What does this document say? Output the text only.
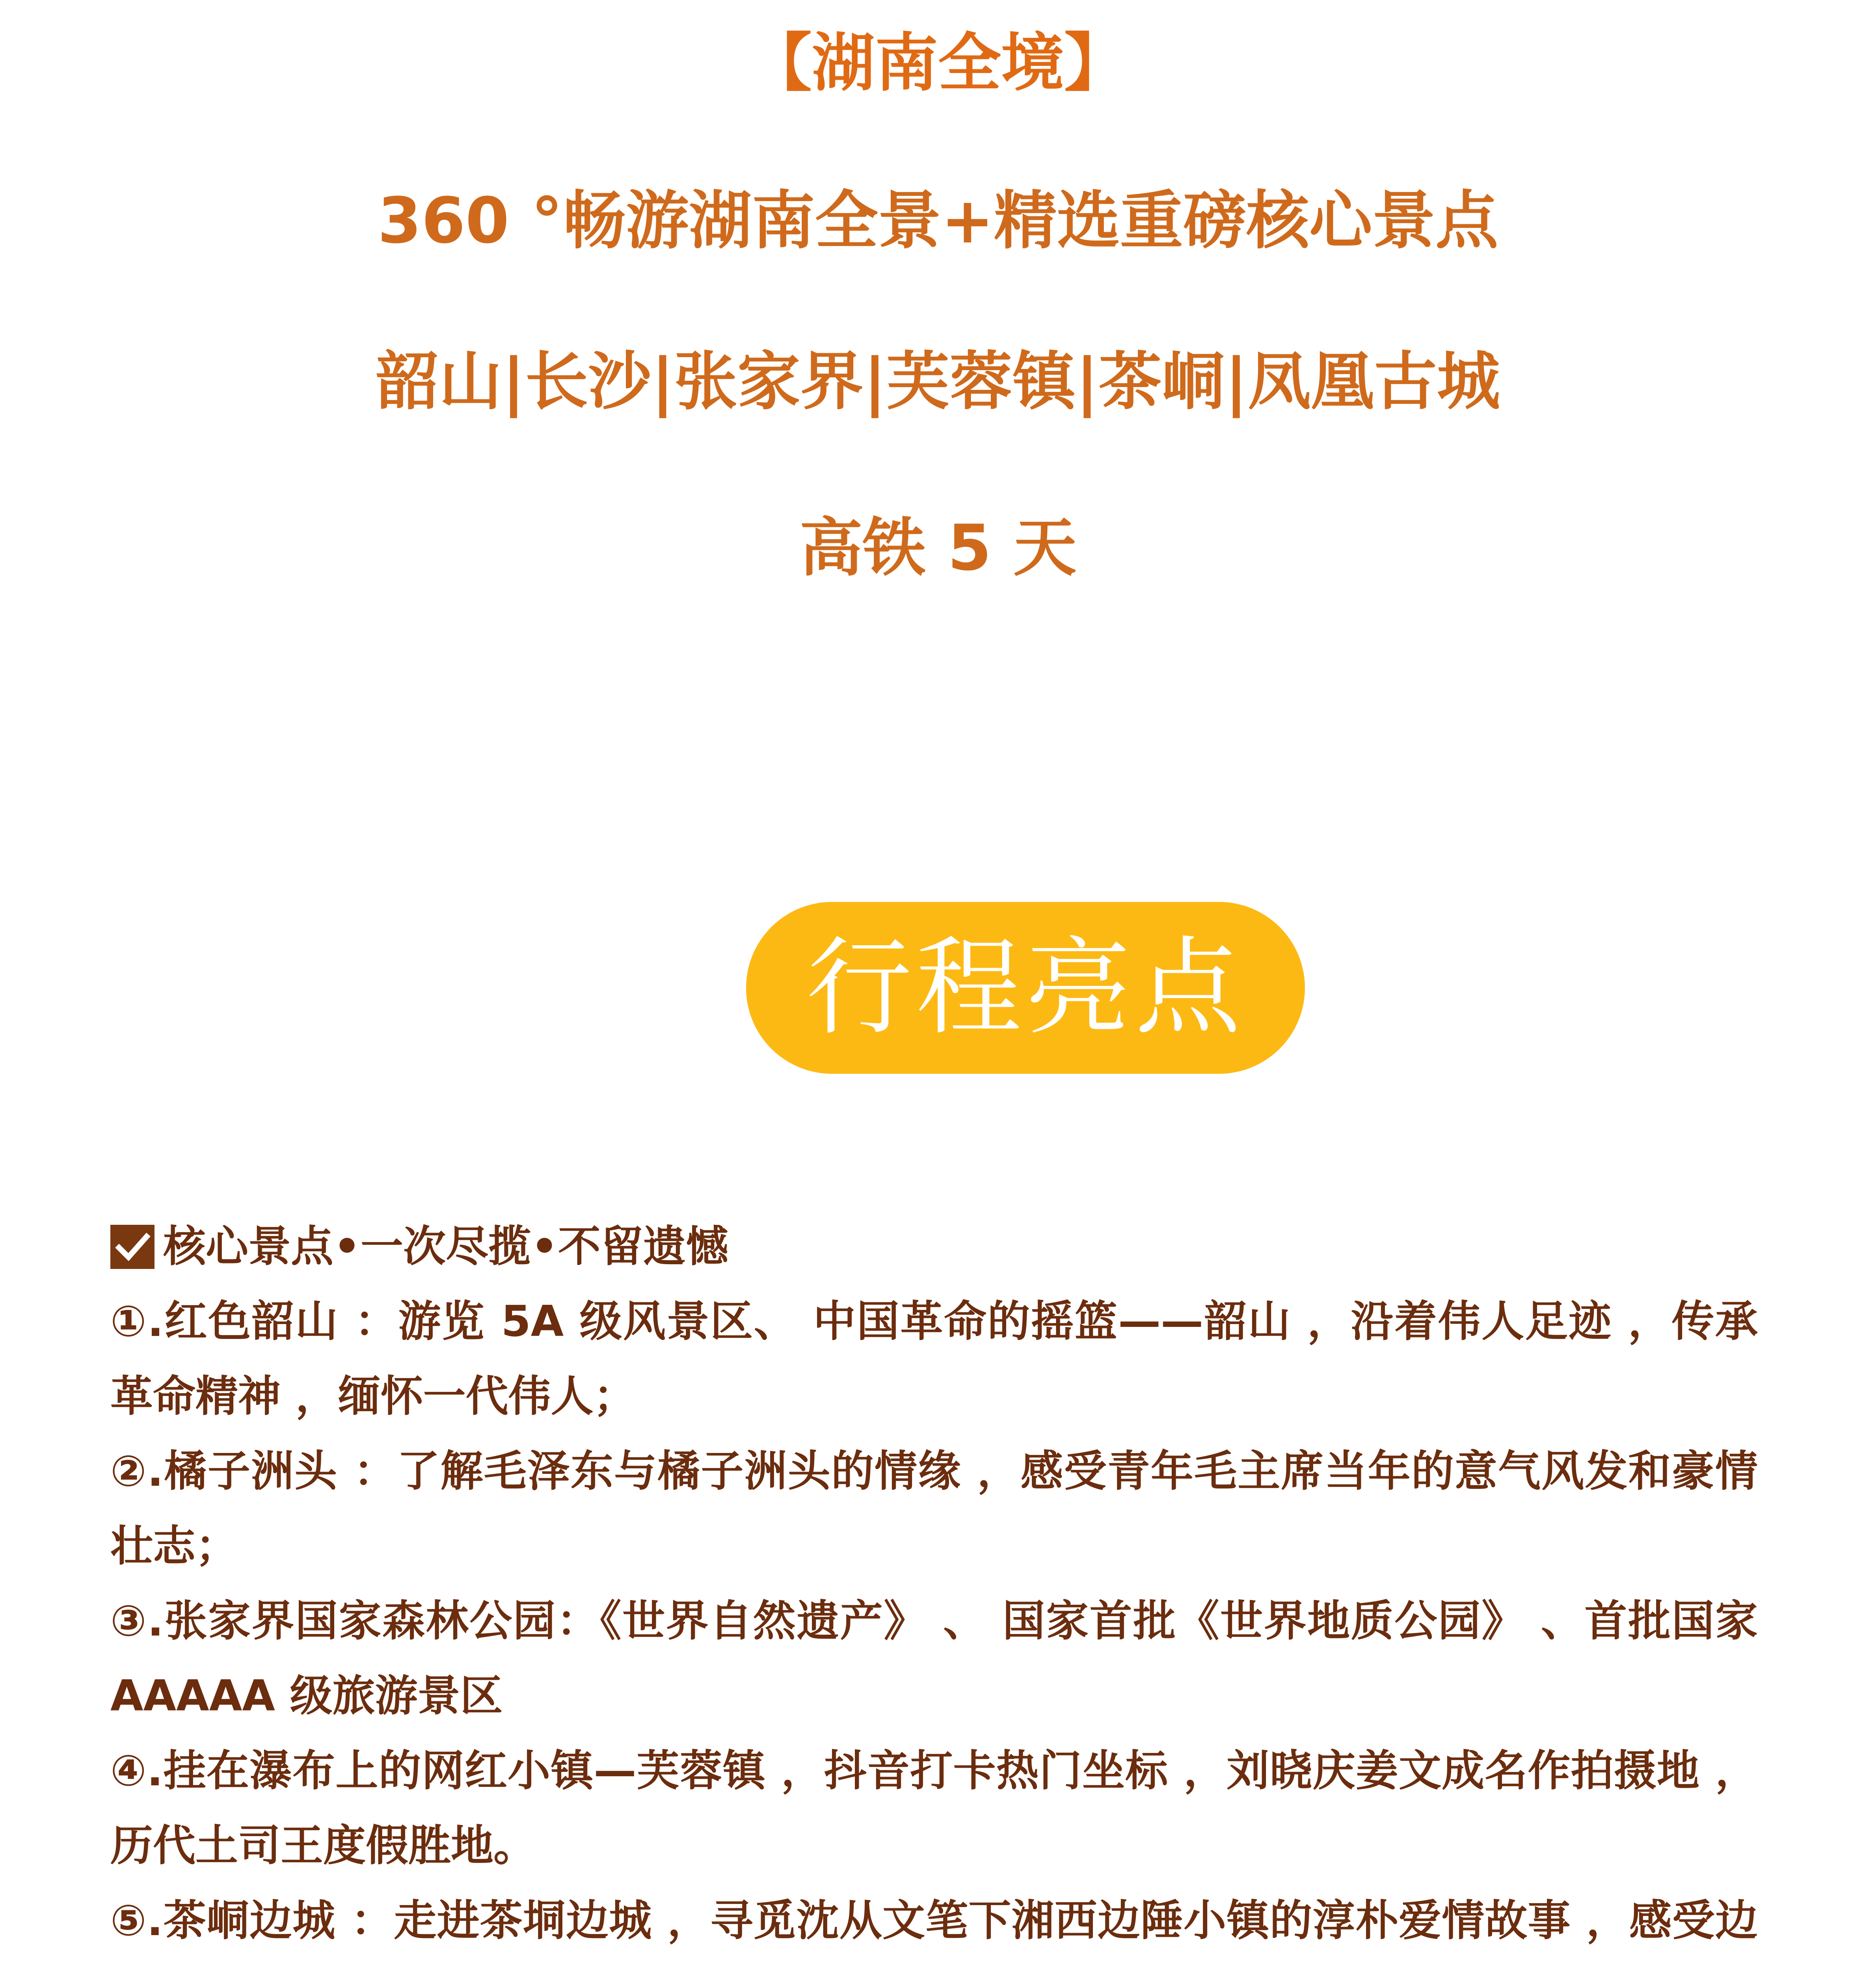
【湖南全境】
360 °畅游湖南全景+精选重磅核心景点
韶山|长沙|张家界|芙蓉镇|茶峒|凤凰古城
高铁 5 天
行程亮点
核心景点•一次尽揽•不留遗憾
①.红色韶山 ：游览 5A 级风景区、 中国革命的摇篮——韶山 ，沿着伟人足迹 ，传承革命精神 ，缅怀一代伟人；
②.橘子洲头 ：了解毛泽东与橘子洲头的情缘 ，感受青年毛主席当年的意气风发和豪情壮志；
③.张家界国家森林公园：《世界自然遗产》 、 国家首批《世界地质公园》 、首批国家 AAAAA 级旅游景区
④.挂在瀑布上的网红小镇—芙蓉镇 ，抖音打卡热门坐标 ，刘晓庆姜文成名作拍摄地 ，历代土司王度假胜地。
⑤.茶峒边城 ：走进茶垌边城 ，寻觅沈从文笔下湘西边陲小镇的淳朴爱情故事 ，感受边
